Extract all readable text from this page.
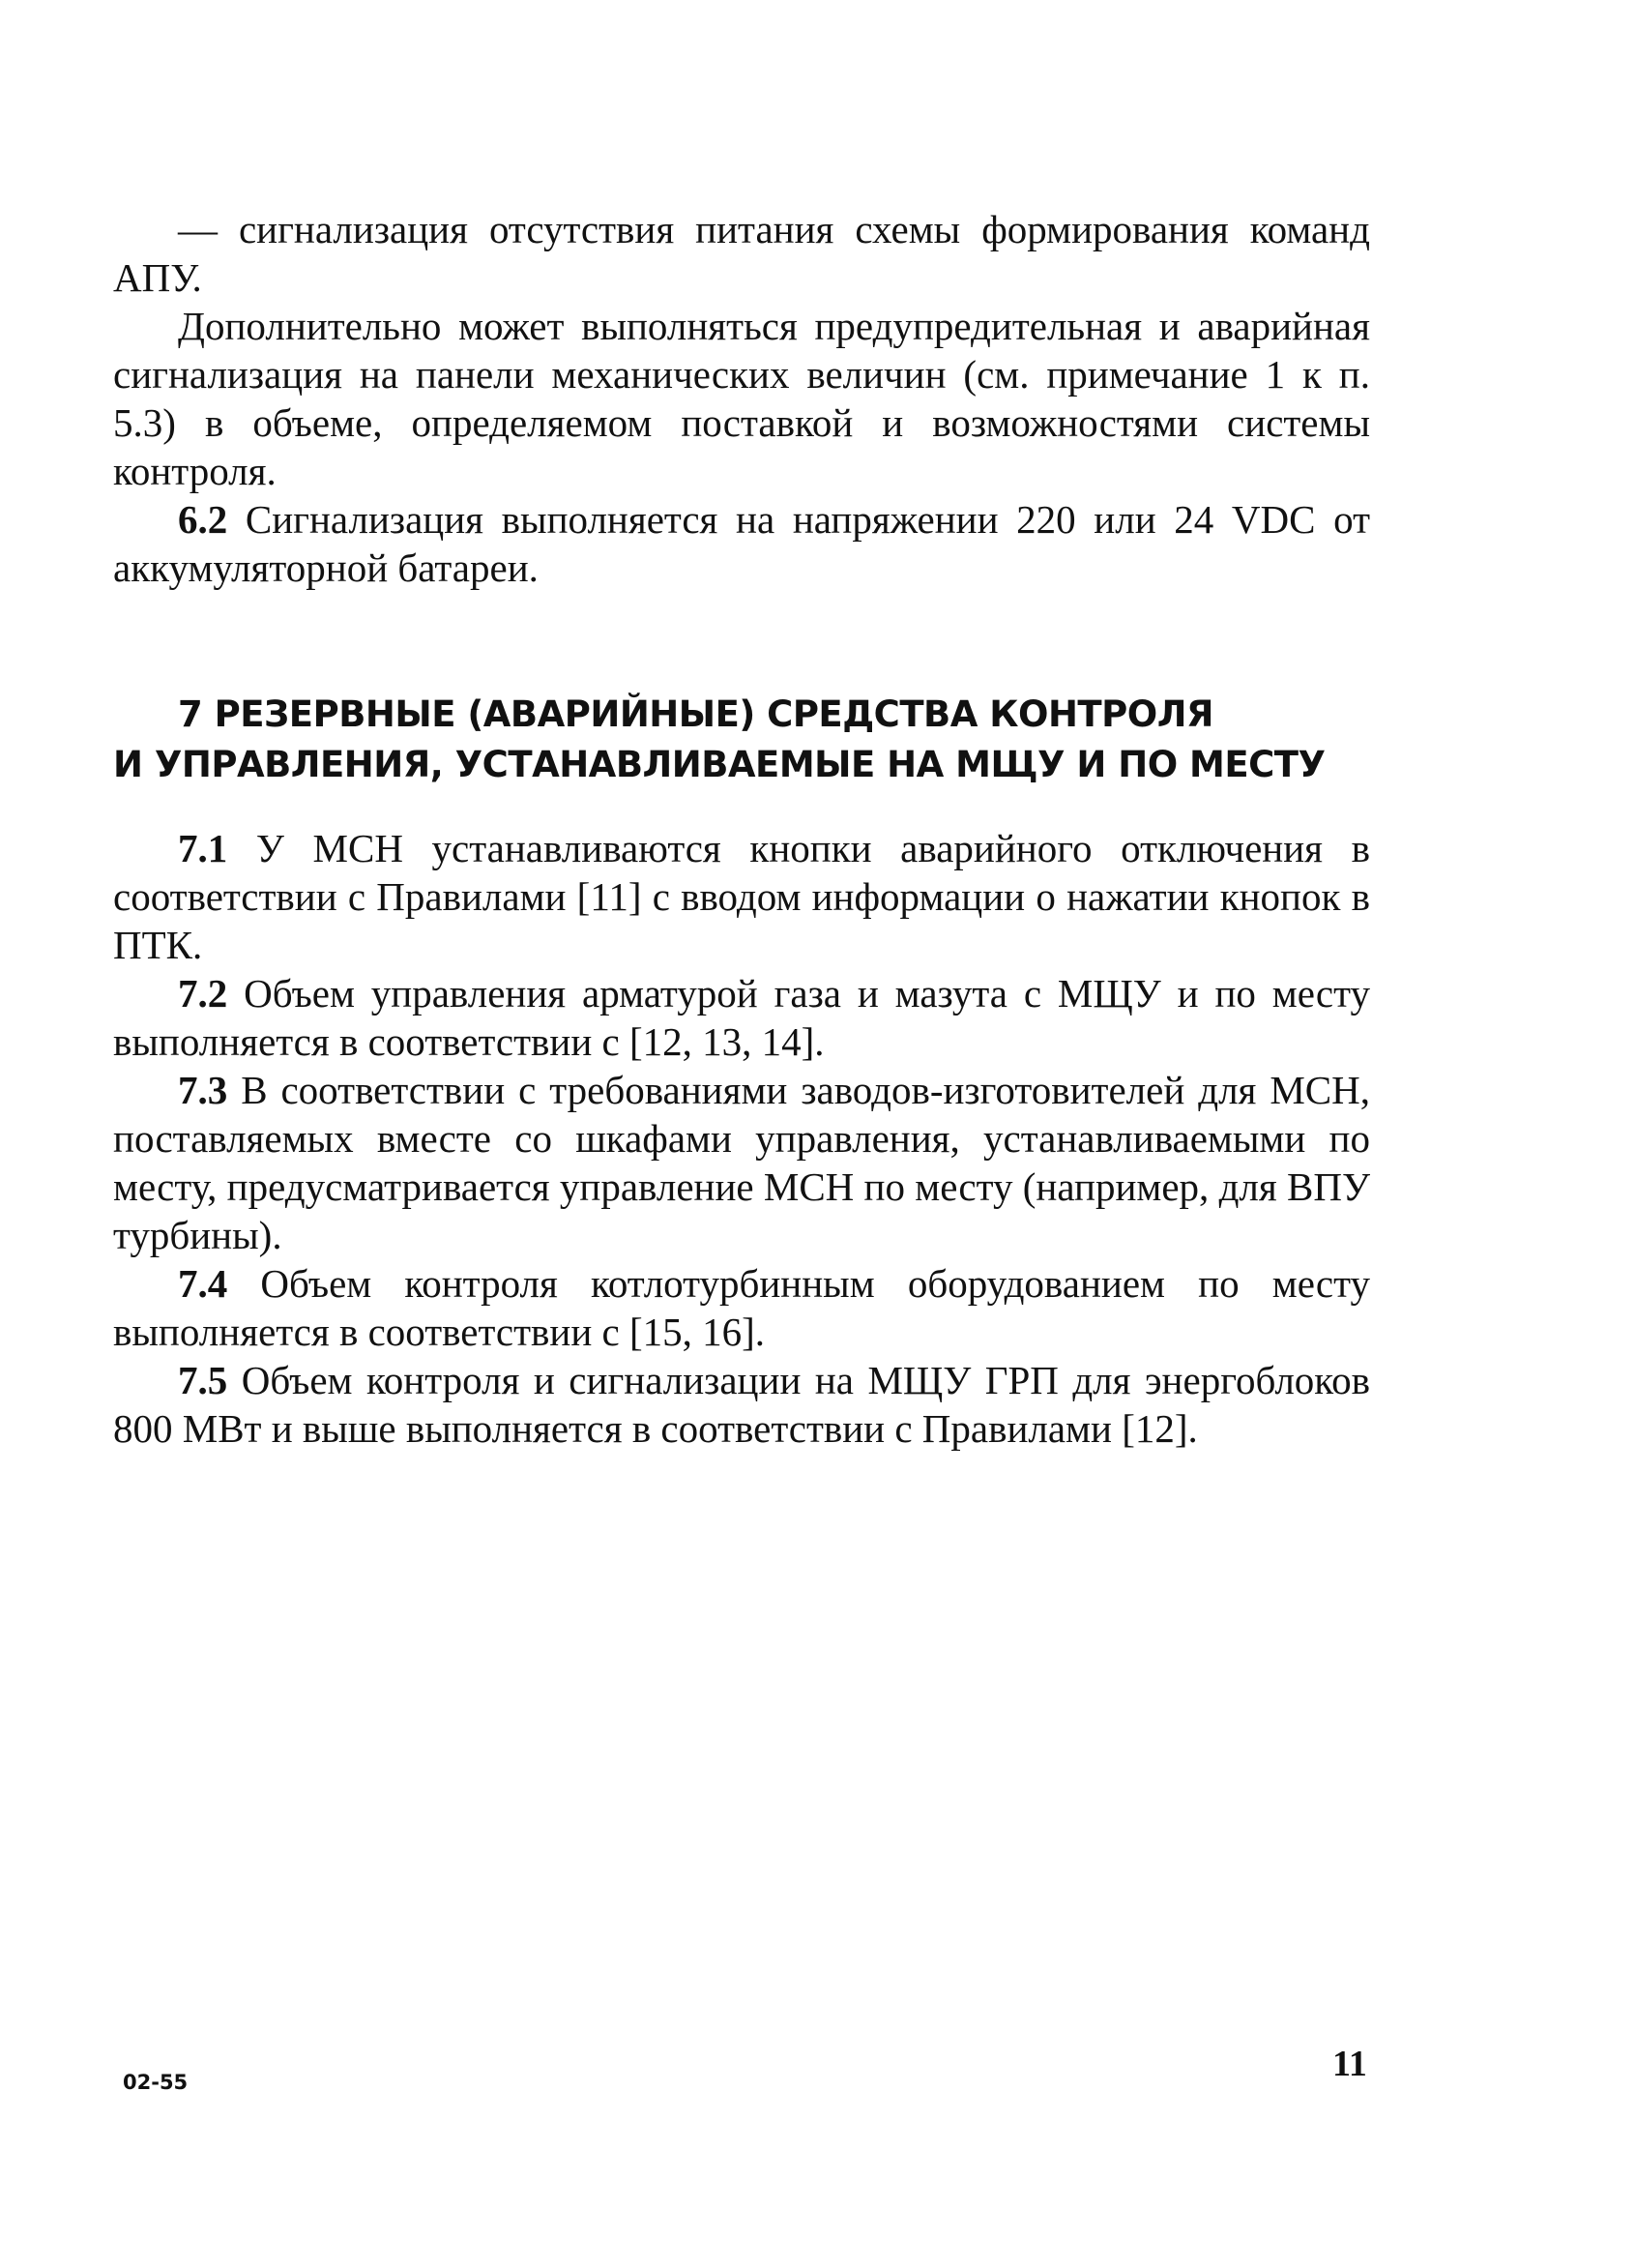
— сигнализация отсутствия питания схемы формирования команд АПУ.

Дополнительно может выполняться предупредительная и аварийная сигнализация на панели механических величин (см. примечание 1 к п. 5.3) в объеме, определяемом поставкой и возможностями системы контроля.

6.2 Сигнализация выполняется на напряжении 220 или 24 VDC от аккумуляторной батареи.

7 РЕЗЕРВНЫЕ (АВАРИЙНЫЕ) СРЕДСТВА КОНТРОЛЯ
И УПРАВЛЕНИЯ, УСТАНАВЛИВАЕМЫЕ НА МЩУ И ПО МЕСТУ

7.1 У МСН устанавливаются кнопки аварийного отключения в соответствии с Правилами [11] с вводом информации о нажатии кнопок в ПТК.

7.2 Объем управления арматурой газа и мазута с МЩУ и по месту выполняется в соответствии с [12, 13, 14].

7.3 В соответствии с требованиями заводов-изготовителей для МСН, поставляемых вместе со шкафами управления, устанавливаемыми по месту, предусматривается управление МСН по месту (например, для ВПУ турбины).

7.4 Объем контроля котлотурбинным оборудованием по месту выполняется в соответствии с [15, 16].

7.5 Объем контроля и сигнализации на МЩУ ГРП для энергоблоков 800 МВт и выше выполняется в соответствии с Правилами [12].

02-55	11
